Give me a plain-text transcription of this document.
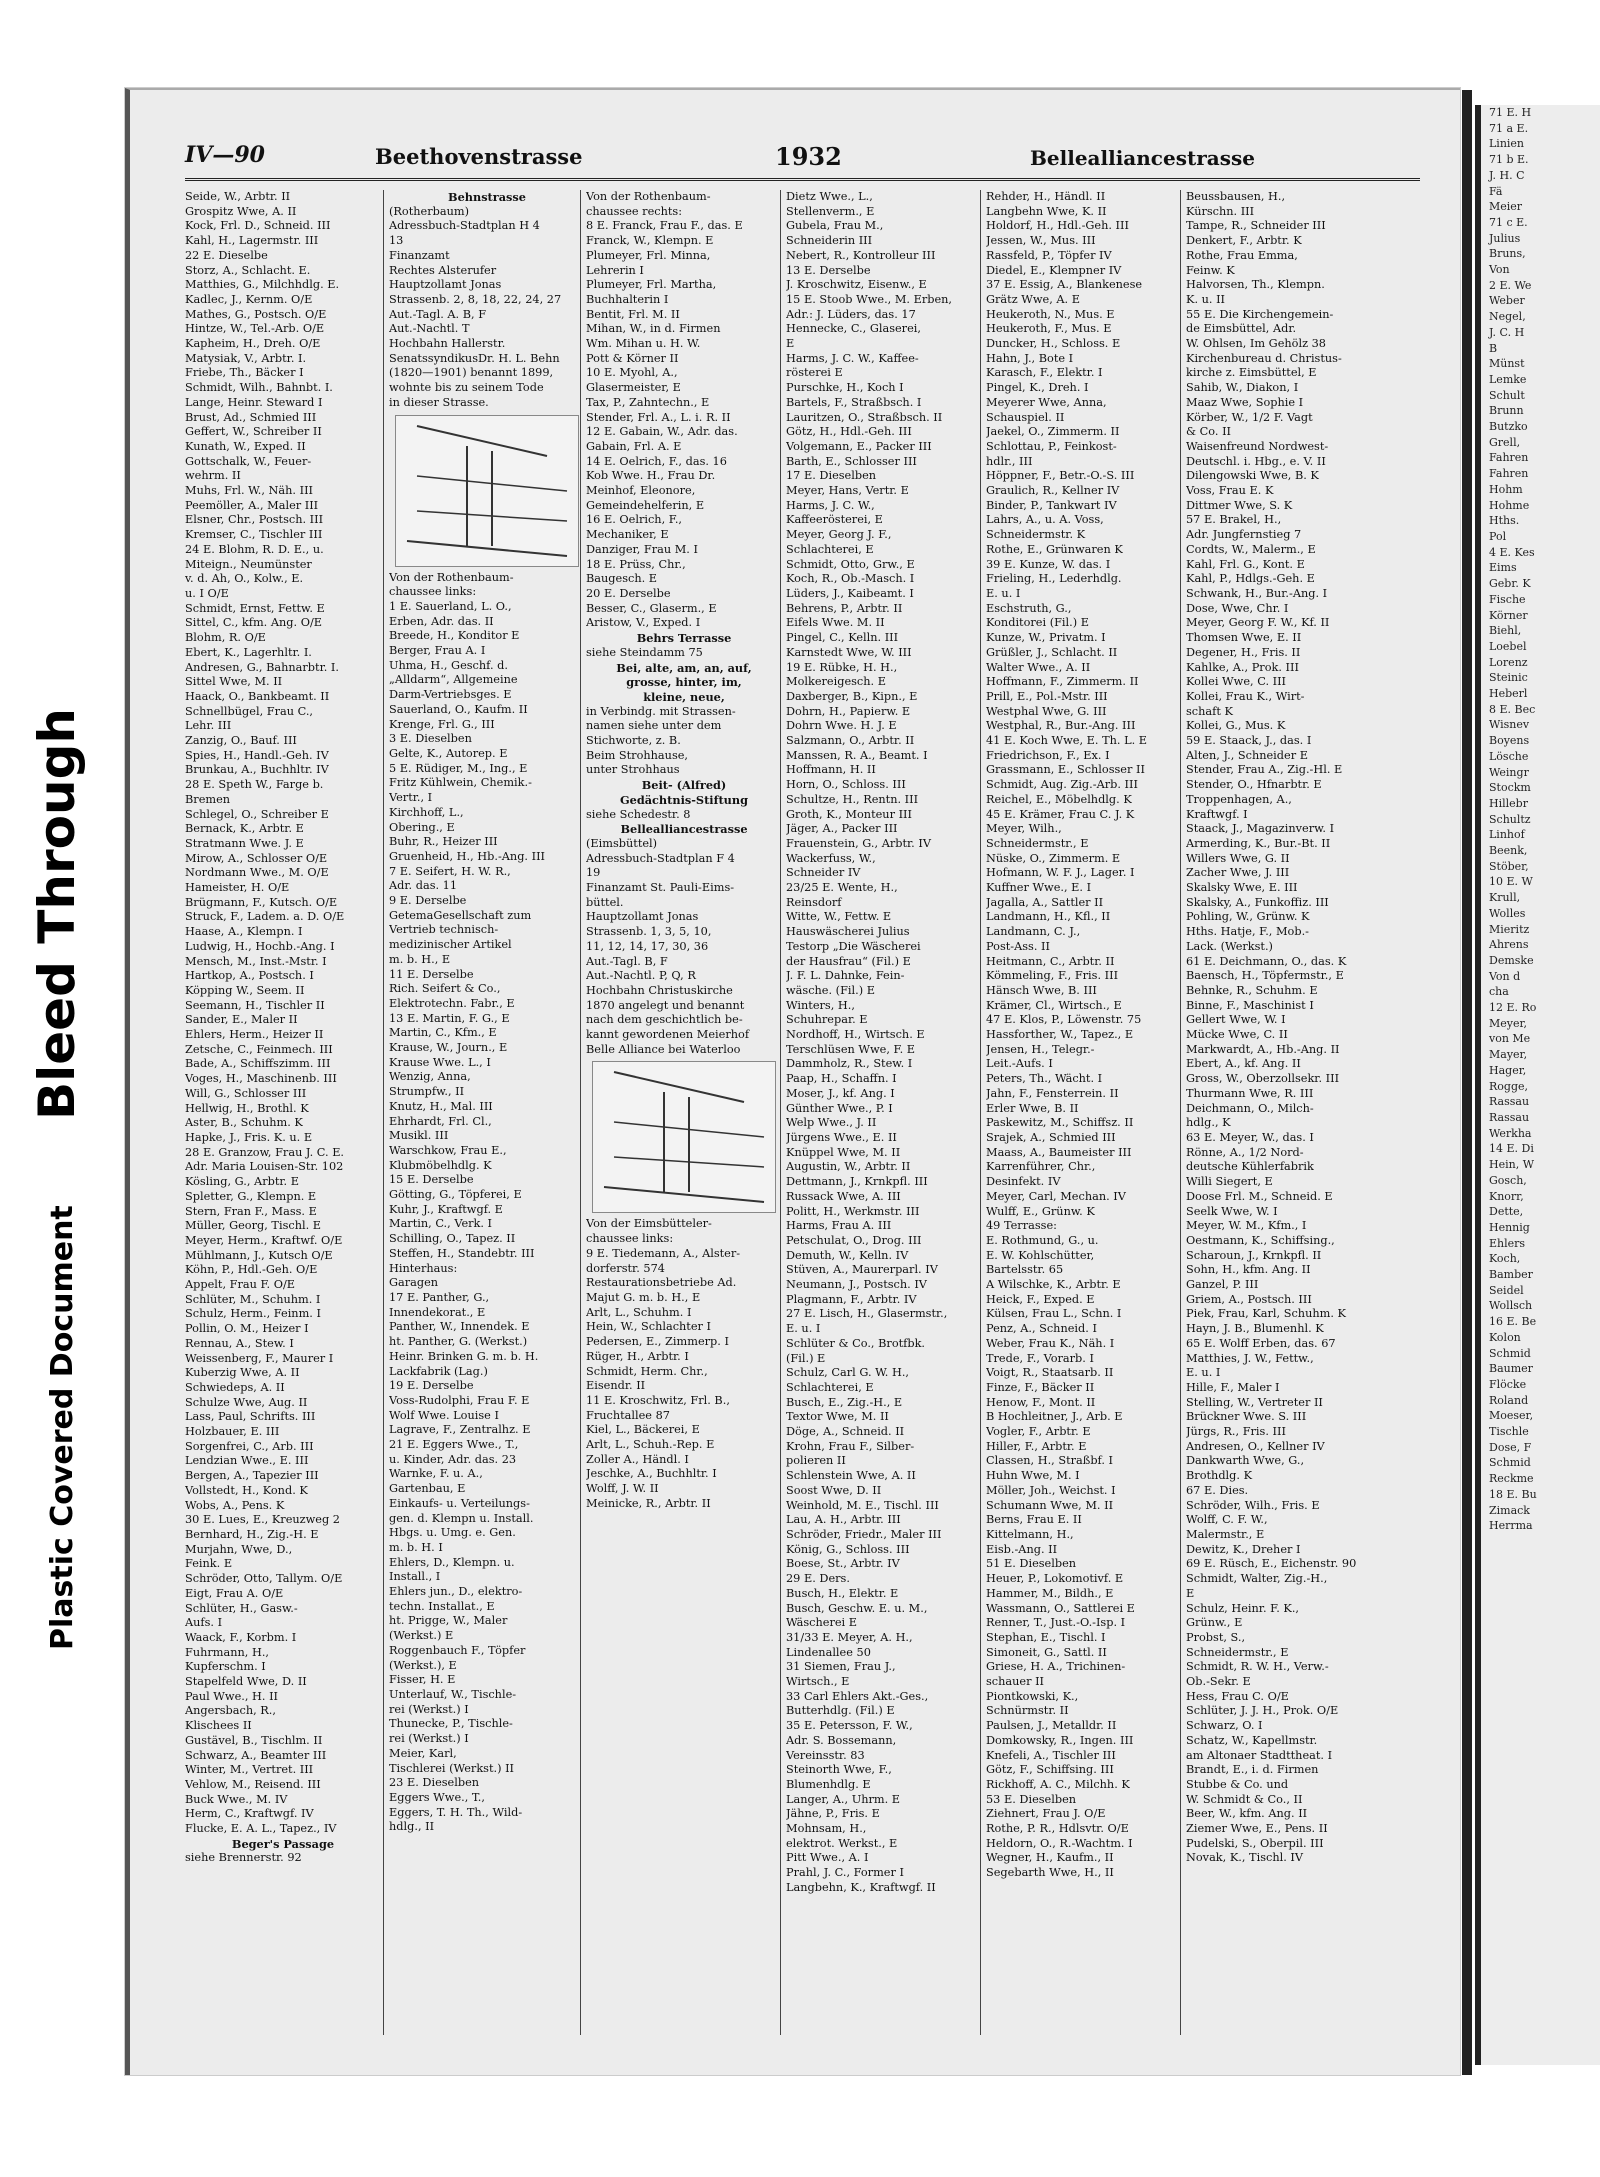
Bleed Through
Plastic Covered Document
IV—90	Beethovenstrasse	1932	Bellealliancestrasse
Seide, W., Arbtr. II
Grospitz Wwe, A. II
Kock, Frl. D., Schneid. III
Kahl, H., Lagermstr. III
22 E. Dieselbe
Storz, A., Schlacht. E.
Matthies, G., Milchhdlg. E.
Kadlec, J., Kernm. O/E
Mathes, G., Postsch. O/E
Hintze, W., Tel.-Arb. O/E
Kapheim, H., Dreh. O/E
Matysiak, V., Arbtr. I.
Friebe, Th., Bäcker I
Schmidt, Wilh., Bahnbt. I.
Lange, Heinr. Steward I
Brust, Ad., Schmied III
Geffert, W., Schreiber II
Kunath, W., Exped. II
Gottschalk, W., Feuer-
wehrm. II
Muhs, Frl. W., Näh. III
Peemöller, A., Maler III
Elsner, Chr., Postsch. III
Kremser, C., Tischler III
24 E. Blohm, R. D. E., u.
Miteign., Neumünster
v. d. Ah, O., Kolw., E.
u. I O/E
Schmidt, Ernst, Fettw. E
Sittel, C., kfm. Ang. O/E
Blohm, R. O/E
Ebert, K., Lagerhltr. I.
Andresen, G., Bahnarbtr. I.
Sittel Wwe, M. II
Haack, O., Bankbeamt. II
Schnellbügel, Frau C.,
Lehr. III
Zanzig, O., Bauf. III
Spies, H., Handl.-Geh. IV
Brunkau, A., Buchhltr. IV
28 E. Speth W., Farge b.
Bremen
Schlegel, O., Schreiber E
Bernack, K., Arbtr. E
Stratmann Wwe. J. E
Mirow, A., Schlosser O/E
Nordmann Wwe., M. O/E
Hameister, H. O/E
Brügmann, F., Kutsch. O/E
Struck, F., Ladem. a. D. O/E
Haase, A., Klempn. I
Ludwig, H., Hochb.-Ang. I
Mensch, M., Inst.-Mstr. I
Hartkop, A., Postsch. I
Köpping W., Seem. II
Seemann, H., Tischler II
Sander, E., Maler II
Ehlers, Herm., Heizer II
Zetsche, C., Feinmech. III
Bade, A., Schiffszimm. III
Voges, H., Maschinenb. III
Will, G., Schlosser III
Hellwig, H., Brothl. K
Aster, B., Schuhm. K
Hapke, J., Fris. K. u. E
28 E. Granzow, Frau J. C. E.
Adr. Maria Louisen-Str. 102
Kösling, G., Arbtr. E
Spletter, G., Klempn. E
Stern, Fran F., Mass. E
Müller, Georg, Tischl. E
Meyer, Herm., Kraftwf. O/E
Mühlmann, J., Kutsch O/E
Köhn, P., Hdl.-Geh. O/E
Appelt, Frau F. O/E
Schlüter, M., Schuhm. I
Schulz, Herm., Feinm. I
Pollin, O. M., Heizer I
Rennau, A., Stew. I
Weissenberg, F., Maurer I
Kuberzig Wwe, A. II
Schwiedeps, A. II
Schulze Wwe, Aug. II
Lass, Paul, Schrifts. III
Holzbauer, E. III
Sorgenfrei, C., Arb. III
Lendzian Wwe., E. III
Bergen, A., Tapezier III
Vollstedt, H., Kond. K
Wobs, A., Pens. K
30 E. Lues, E., Kreuzweg 2
Bernhard, H., Zig.-H. E
Murjahn, Wwe, D.,
Feink. E
Schröder, Otto, Tallym. O/E
Eigt, Frau A. O/E
Schlüter, H., Gasw.-
Aufs. I
Waack, F., Korbm. I
Fuhrmann, H.,
Kupferschm. I
Stapelfeld Wwe, D. II
Paul Wwe., H. II
Angersbach, R.,
Klischees II
Gustävel, B., Tischlm. II
Schwarz, A., Beamter III
Winter, M., Vertret. III
Vehlow, M., Reisend. III
Buck Wwe., M. IV
Herm, C., Kraftwgf. IV
Flucke, E. A. L., Tapez., IV
Beger's Passage
siehe Brennerstr. 92
Behnstrasse
(Rotherbaum)
Adressbuch-Stadtplan H 4
13
Finanzamt
Rechtes Alsterufer
Hauptzollamt Jonas
Strassenb. 2, 8, 18, 22, 24, 27
Aut.-Tagl. A. B, F
Aut.-Nachtl. T
Hochbahn Hallerstr.
SenatssyndikusDr. H. L. Behn
(1820—1901) benannt 1899,
wohnte bis zu seinem Tode
in dieser Strasse.
Von der Rothenbaum-
chaussee links:
1 E. Sauerland, L. O.,
Erben, Adr. das. II
Breede, H., Konditor E
Berger, Frau A. I
Uhma, H., Geschf. d.
„Alldarm“, Allgemeine
Darm-Vertriebsges. E
Sauerland, O., Kaufm. II
Krenge, Frl. G., III
3 E. Dieselben
Gelte, K., Autorep. E
5 E. Rüdiger, M., Ing., E
Fritz Kühlwein, Chemik.-
Vertr., I
Kirchhoff, L.,
Obering., E
Buhr, R., Heizer III
Gruenheid, H., Hb.-Ang. III
7 E. Seifert, H. W. R.,
Adr. das. 11
9 E. Derselbe
GetemaGesellschaft zum
Vertrieb technisch-
medizinischer Artikel
m. b. H., E
11 E. Derselbe
Rich. Seifert & Co.,
Elektrotechn. Fabr., E
13 E. Martin, F. G., E
Martin, C., Kfm., E
Krause, W., Journ., E
Krause Wwe. L., I
Wenzig, Anna,
Strumpfw., II
Knutz, H., Mal. III
Ehrhardt, Frl. Cl.,
Musikl. III
Warschkow, Frau E.,
Klubmöbelhdlg. K
15 E. Derselbe
Götting, G., Töpferei, E
Kuhr, J., Kraftwgf. E
Martin, C., Verk. I
Schilling, O., Tapez. II
Steffen, H., Standebtr. III
Hinterhaus:
Garagen
17 E. Panther, G.,
Innendekorat., E
Panther, W., Innendek. E
ht. Panther, G. (Werkst.)
Heinr. Brinken G. m. b. H.
Lackfabrik (Lag.)
19 E. Derselbe
Voss-Rudolphi, Frau F. E
Wolf Wwe. Louise I
Lagrave, F., Zentralhz. E
21 E. Eggers Wwe., T.,
u. Kinder, Adr. das. 23
Warnke, F. u. A.,
Gartenbau, E
Einkaufs- u. Verteilungs-
gen. d. Klempn u. Install.
Hbgs. u. Umg. e. Gen.
m. b. H. I
Ehlers, D., Klempn. u.
Install., I
Ehlers jun., D., elektro-
techn. Installat., E
ht. Prigge, W., Maler
(Werkst.) E
Roggenbauch F., Töpfer
(Werkst.), E
Fisser, H. E
Unterlauf, W., Tischle-
rei (Werkst.) I
Thunecke, P., Tischle-
rei (Werkst.) I
Meier, Karl,
Tischlerei (Werkst.) II
23 E. Dieselben
Eggers Wwe., T.,
Eggers, T. H. Th., Wild-
hdlg., II
Von der Rothenbaum-
chaussee rechts:
8 E. Franck, Frau F., das. E
Franck, W., Klempn. E
Plumeyer, Frl. Minna,
Lehrerin I
Plumeyer, Frl. Martha,
Buchhalterin I
Bentit, Frl. M. II
Mihan, W., in d. Firmen
Wm. Mihan u. H. W.
Pott & Körner II
10 E. Myohl, A.,
Glasermeister, E
Tax, P., Zahntechn., E
Stender, Frl. A., L. i. R. II
12 E. Gabain, W., Adr. das.
Gabain, Frl. A. E
14 E. Oelrich, F., das. 16
Kob Wwe. H., Frau Dr.
Meinhof, Eleonore,
Gemeindehelferin, E
16 E. Oelrich, F.,
Mechaniker, E
Danziger, Frau M. I
18 E. Prüss, Chr.,
Baugesch. E
20 E. Derselbe
Besser, C., Glaserm., E
Aristow, V., Exped. I
Behrs Terrasse
siehe Steindamm 75
Bei, alte, am, an, auf,
grosse, hinter, im,
kleine, neue,
in Verbindg. mit Strassen-
namen siehe unter dem
Stichworte, z. B.
Beim Strohhause,
unter Strohhaus
Beit- (Alfred)
Gedächtnis-Stiftung
siehe Schedestr. 8
Bellealliancestrasse
(Eimsbüttel)
Adressbuch-Stadtplan F 4
19
Finanzamt St. Pauli-Eims-
büttel.
Hauptzollamt Jonas
Strassenb. 1, 3, 5, 10,
11, 12, 14, 17, 30, 36
Aut.-Tagl. B, F
Aut.-Nachtl. P, Q, R
Hochbahn Christuskirche
1870 angelegt und benannt
nach dem geschichtlich be-
kannt gewordenen Meierhof
Belle Alliance bei Waterloo
Von der Eimsbütteler-
chaussee links:
9 E. Tiedemann, A., Alster-
dorferstr. 574
Restaurationsbetriebe Ad.
Majut G. m. b. H., E
Arlt, L., Schuhm. I
Hein, W., Schlachter I
Pedersen, E., Zimmerp. I
Rüger, H., Arbtr. I
Schmidt, Herm. Chr.,
Eisendr. II
11 E. Kroschwitz, Frl. B.,
Fruchtallee 87
Kiel, L., Bäckerei, E
Arlt, L., Schuh.-Rep. E
Zoller A., Händl. I
Jeschke, A., Buchhltr. I
Wolff, J. W. II
Meinicke, R., Arbtr. II
Dietz Wwe., L.,
Stellenverm., E
Gubela, Frau M.,
Schneiderin III
Nebert, R., Kontrolleur III
13 E. Derselbe
J. Kroschwitz, Eisenw., E
15 E. Stoob Wwe., M. Erben,
Adr.: J. Lüders, das. 17
Hennecke, C., Glaserei,
E
Harms, J. C. W., Kaffee-
rösterei E
Purschke, H., Koch I
Bartels, F., Straßbsch. I
Lauritzen, O., Straßbsch. II
Götz, H., Hdl.-Geh. III
Volgemann, E., Packer III
Barth, E., Schlosser III
17 E. Dieselben
Meyer, Hans, Vertr. E
Harms, J. C. W.,
Kaffeerösterei, E
Meyer, Georg J. F.,
Schlachterei, E
Schmidt, Otto, Grw., E
Koch, R., Ob.-Masch. I
Lüders, J., Kaibeamt. I
Behrens, P., Arbtr. II
Eifels Wwe. M. II
Pingel, C., Kelln. III
Karnstedt Wwe, W. III
19 E. Rübke, H. H.,
Molkereigesch. E
Daxberger, B., Kipn., E
Dohrn, H., Papierw. E
Dohrn Wwe. H. J. E
Salzmann, O., Arbtr. II
Manssen, R. A., Beamt. I
Hoffmann, H. II
Horn, O., Schloss. III
Schultze, H., Rentn. III
Groth, K., Monteur III
Jäger, A., Packer III
Frauenstein, G., Arbtr. IV
Wackerfuss, W.,
Schneider IV
23/25 E. Wente, H.,
Reinsdorf
Witte, W., Fettw. E
Hauswäscherei Julius
Testorp „Die Wäscherei
der Hausfrau“ (Fil.) E
J. F. L. Dahnke, Fein-
wäsche. (Fil.) E
Winters, H.,
Schuhrepar. E
Nordhoff, H., Wirtsch. E
Terschlüsen Wwe, F. E
Dammholz, R., Stew. I
Paap, H., Schaffn. I
Moser, J., kf. Ang. I
Günther Wwe., P. I
Welp Wwe., J. II
Jürgens Wwe., E. II
Knüppel Wwe, M. II
Augustin, W., Arbtr. II
Dettmann, J., Krnkpfl. III
Russack Wwe, A. III
Politt, H., Werkmstr. III
Harms, Frau A. III
Petschulat, O., Drog. III
Demuth, W., Kelln. IV
Stüven, A., Maurerparl. IV
Neumann, J., Postsch. IV
Plagmann, F., Arbtr. IV
27 E. Lisch, H., Glasermstr.,
E. u. I
Schlüter & Co., Brotfbk.
(Fil.) E
Schulz, Carl G. W. H.,
Schlachterei, E
Busch, E., Zig.-H., E
Textor Wwe, M. II
Döge, A., Schneid. II
Krohn, Frau F., Silber-
polieren II
Schlenstein Wwe, A. II
Soost Wwe, D. II
Weinhold, M. E., Tischl. III
Lau, A. H., Arbtr. III
Schröder, Friedr., Maler III
König, G., Schloss. III
Boese, St., Arbtr. IV
29 E. Ders.
Busch, H., Elektr. E
Busch, Geschw. E. u. M.,
Wäscherei E
31/33 E. Meyer, A. H.,
Lindenallee 50
31 Siemen, Frau J.,
Wirtsch., E
33 Carl Ehlers Akt.-Ges.,
Butterhdlg. (Fil.) E
35 E. Petersson, F. W.,
Adr. S. Bossemann,
Vereinsstr. 83
Steinorth Wwe, F.,
Blumenhdlg. E
Langer, A., Uhrm. E
Jähne, P., Fris. E
Mohnsam, H.,
elektrot. Werkst., E
Pitt Wwe., A. I
Prahl, J. C., Former I
Langbehn, K., Kraftwgf. II
Rehder, H., Händl. II
Langbehn Wwe, K. II
Holdorf, H., Hdl.-Geh. III
Jessen, W., Mus. III
Rassfeld, P., Töpfer IV
Diedel, E., Klempner IV
37 E. Essig, A., Blankenese
Grätz Wwe, A. E
Heukeroth, N., Mus. E
Heukeroth, F., Mus. E
Duncker, H., Schloss. E
Hahn, J., Bote I
Karasch, F., Elektr. I
Pingel, K., Dreh. I
Meyerer Wwe, Anna,
Schauspiel. II
Jaekel, O., Zimmerm. II
Schlottau, P., Feinkost-
hdlr., III
Höppner, F., Betr.-O.-S. III
Graulich, R., Kellner IV
Binder, P., Tankwart IV
Lahrs, A., u. A. Voss,
Schneidermstr. K
Rothe, E., Grünwaren K
39 E. Kunze, W. das. I
Frieling, H., Lederhdlg.
E. u. I
Eschstruth, G.,
Konditorei (Fil.) E
Kunze, W., Privatm. I
Grüßler, J., Schlacht. II
Walter Wwe., A. II
Hoffmann, F., Zimmerm. II
Prill, E., Pol.-Mstr. III
Westphal Wwe, G. III
Westphal, R., Bur.-Ang. III
41 E. Koch Wwe, E. Th. L. E
Friedrichson, F., Ex. I
Grassmann, E., Schlosser II
Schmidt, Aug. Zig.-Arb. III
Reichel, E., Möbelhdlg. K
45 E. Krämer, Frau C. J. K
Meyer, Wilh.,
Schneidermstr., E
Nüske, O., Zimmerm. E
Hofmann, W. F. J., Lager. I
Kuffner Wwe., E. I
Jagalla, A., Sattler II
Landmann, H., Kfl., II
Landmann, C. J.,
Post-Ass. II
Heitmann, C., Arbtr. II
Kömmeling, F., Fris. III
Hänsch Wwe, B. III
Krämer, Cl., Wirtsch., E
47 E. Klos, P., Löwenstr. 75
Hassforther, W., Tapez., E
Jensen, H., Telegr.-
Leit.-Aufs. I
Peters, Th., Wächt. I
Jahn, F., Fensterrein. II
Erler Wwe, B. II
Paskewitz, M., Schiffsz. II
Srajek, A., Schmied III
Maass, A., Baumeister III
Karrenführer, Chr.,
Desinfekt. IV
Meyer, Carl, Mechan. IV
Wulff, E., Grünw. K
49 Terrasse:
E. Rothmund, G., u.
E. W. Kohlschütter,
Bartelsstr. 65
A Wilschke, K., Arbtr. E
Heick, F., Exped. E
Külsen, Frau L., Schn. I
Penz, A., Schneid. I
Weber, Frau K., Näh. I
Trede, F., Vorarb. I
Voigt, R., Staatsarb. II
Finze, F., Bäcker II
Henow, F., Mont. II
B Hochleitner, J., Arb. E
Vogler, F., Arbtr. E
Hiller, F., Arbtr. E
Classen, H., Straßbf. I
Huhn Wwe, M. I
Möller, Joh., Weichst. I
Schumann Wwe, M. II
Berns, Frau E. II
Kittelmann, H.,
Eisb.-Ang. II
51 E. Dieselben
Heuer, P., Lokomotivf. E
Hammer, M., Bildh., E
Wassmann, O., Sattlerei E
Renner, T., Just.-O.-Isp. I
Stephan, E., Tischl. I
Simoneit, G., Sattl. II
Griese, H. A., Trichinen-
schauer II
Piontkowski, K.,
Schnürmstr. II
Paulsen, J., Metalldr. II
Domkowsky, R., Ingen. III
Knefeli, A., Tischler III
Götz, F., Schiffsing. III
Rickhoff, A. C., Milchh. K
53 E. Dieselben
Ziehnert, Frau J. O/E
Rothe, P. R., Hdlsvtr. O/E
Heldorn, O., R.-Wachtm. I
Wegner, H., Kaufm., II
Segebarth Wwe, H., II
Beussbausen, H.,
Kürschn. III
Tampe, R., Schneider III
Denkert, F., Arbtr. K
Rothe, Frau Emma,
Feinw. K
Halvorsen, Th., Klempn.
K. u. II
55 E. Die Kirchengemein-
de Eimsbüttel, Adr.
W. Ohlsen, Im Gehölz 38
Kirchenbureau d. Christus-
kirche z. Eimsbüttel, E
Sahib, W., Diakon, I
Maaz Wwe, Sophie I
Körber, W., 1/2 F. Vagt
& Co. II
Waisenfreund Nordwest-
Deutschl. i. Hbg., e. V. II
Dilengowski Wwe, B. K
Voss, Frau E. K
Dittmer Wwe, S. K
57 E. Brakel, H.,
Adr. Jungfernstieg 7
Cordts, W., Malerm., E
Kahl, Frl. G., Kont. E
Kahl, P., Hdlgs.-Geh. E
Schwank, H., Bur.-Ang. I
Dose, Wwe, Chr. I
Meyer, Georg F. W., Kf. II
Thomsen Wwe, E. II
Degener, H., Fris. II
Kahlke, A., Prok. III
Kollei Wwe, C. III
Kollei, Frau K., Wirt-
schaft K
Kollei, G., Mus. K
59 E. Staack, J., das. I
Alten, J., Schneider E
Stender, Frau A., Zig.-Hl. E
Stender, O., Hfnarbtr. E
Troppenhagen, A.,
Kraftwgf. I
Staack, J., Magazinverw. I
Armerding, K., Bur.-Bt. II
Willers Wwe, G. II
Zacher Wwe, J. III
Skalsky Wwe, E. III
Skalsky, A., Funkoffiz. III
Pohling, W., Grünw. K
Hths. Hatje, F., Mob.-
Lack. (Werkst.)
61 E. Deichmann, O., das. K
Baensch, H., Töpfermstr., E
Behnke, R., Schuhm. E
Binne, F., Maschinist I
Gellert Wwe, W. I
Mücke Wwe, C. II
Markwardt, A., Hb.-Ang. II
Ebert, A., kf. Ang. II
Gross, W., Oberzollsekr. III
Thurmann Wwe, R. III
Deichmann, O., Milch-
hdlg., K
63 E. Meyer, W., das. I
Rönne, A., 1/2 Nord-
deutsche Kühlerfabrik
Willi Siegert, E
Doose Frl. M., Schneid. E
Seelk Wwe, W. I
Meyer, W. M., Kfm., I
Oestmann, K., Schiffsing.,
Scharoun, J., Krnkpfl. II
Sohn, H., kfm. Ang. II
Ganzel, P. III
Griem, A., Postsch. III
Piek, Frau, Karl, Schuhm. K
Hayn, J. B., Blumenhl. K
65 E. Wolff Erben, das. 67
Matthies, J. W., Fettw.,
E. u. I
Hille, F., Maler I
Stelling, W., Vertreter II
Brückner Wwe. S. III
Jürgs, R., Fris. III
Andresen, O., Kellner IV
Dankwarth Wwe, G.,
Brothdlg. K
67 E. Dies.
Schröder, Wilh., Fris. E
Wolff, C. F. W.,
Malermstr., E
Dewitz, K., Dreher I
69 E. Rüsch, E., Eichenstr. 90
Schmidt, Walter, Zig.-H.,
E
Schulz, Heinr. F. K.,
Grünw., E
Probst, S.,
Schneidermstr., E
Schmidt, R. W. H., Verw.-
Ob.-Sekr. E
Hess, Frau C. O/E
Schlüter, J. J. H., Prok. O/E
Schwarz, O. I
Schatz, W., Kapellmstr.
am Altonaer Stadttheat. I
Brandt, E., i. d. Firmen
Stubbe & Co. und
W. Schmidt & Co., II
Beer, W., kfm. Ang. II
Ziemer Wwe, E., Pens. II
Pudelski, S., Oberpil. III
Novak, K., Tischl. IV
71 E. H
71 a E.
Linien
71 b E.
J. H. C
Fä
Meier
71 c E.
Julius
Bruns,
Von
2 E. We
Weber
Negel,
J. C. H
B
Münst
Lemke
Schult
Brunn
Butzko
Grell,
Fahren
Fahren
Hohm
Hohme
Hths.
Pol
4 E. Kes
Eims
Gebr. K
Fische
Körner
Biehl,
Loebel
Lorenz
Steinic
Heberl
8 E. Bec
Wisnev
Boyens
Lösche
Weingr
Stockm
Hillebr
Schultz
Linhof
Beenk,
Stöber,
10 E. W
Krull,
Wolles
Mieritz
Ahrens
Demske
Von d
cha
12 E. Ro
Meyer,
von Me
Mayer,
Hager,
Rogge,
Rassau
Rassau
Werkha
14 E. Di
Hein, W
Gosch,
Knorr,
Dette,
Hennig
Ehlers
Koch,
Bamber
Seidel
Wollsch
16 E. Be
Kolon
Schmid
Baumer
Flöcke
Roland
Moeser,
Tischle
Dose, F
Schmid
Reckme
18 E. Bu
Zimack
Herrma
